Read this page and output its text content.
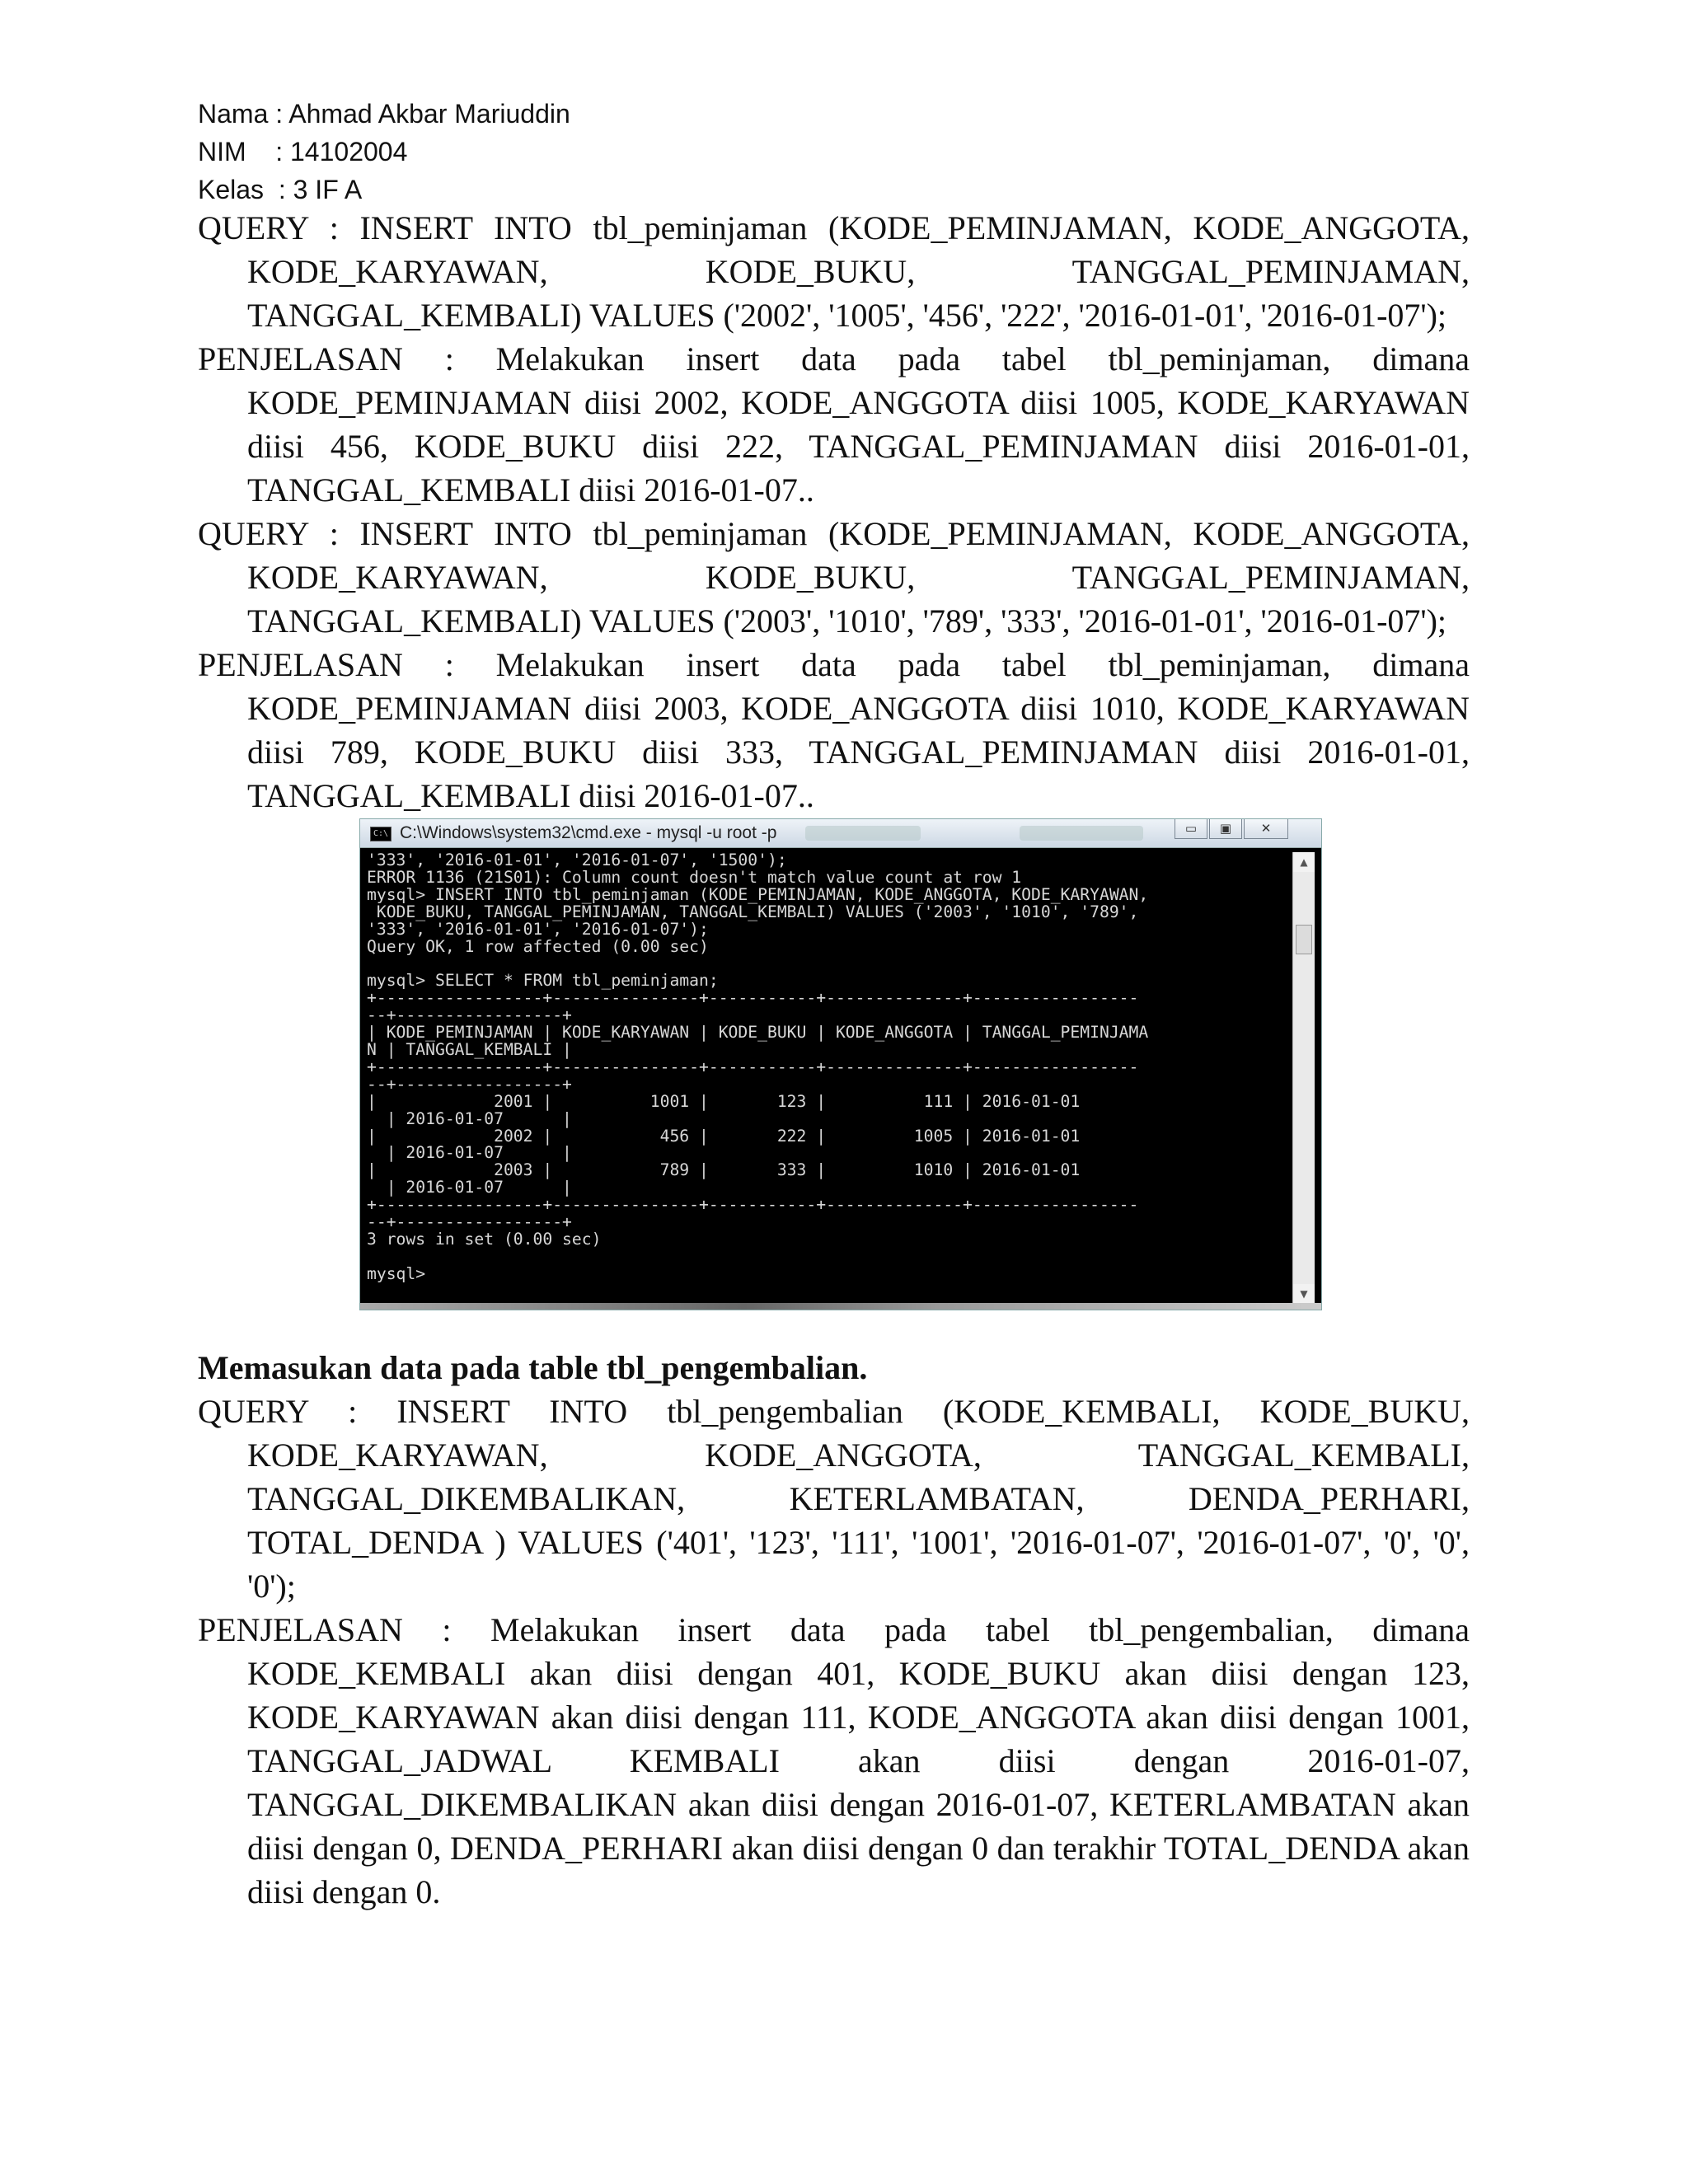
Nama : Ahmad Akbar Mariuddin
NIM    : 14102004
Kelas  : 3 IF A
QUERY : INSERT INTO tbl_peminjaman (KODE_PEMINJAMAN, KODE_ANGGOTA,
KODE_KARYAWAN, KODE_BUKU, TANGGAL_PEMINJAMAN,
TANGGAL_KEMBALI) VALUES ('2002', '1005', '456', '222', '2016-01-01', '2016-01-07');
PENJELASAN : Melakukan insert data pada tabel tbl_peminjaman, dimana
KODE_PEMINJAMAN diisi 2002, KODE_ANGGOTA diisi 1005, KODE_KARYAWAN
diisi 456, KODE_BUKU diisi 222, TANGGAL_PEMINJAMAN diisi 2016-01-01,
TANGGAL_KEMBALI diisi 2016-01-07..
QUERY : INSERT INTO tbl_peminjaman (KODE_PEMINJAMAN, KODE_ANGGOTA,
KODE_KARYAWAN, KODE_BUKU, TANGGAL_PEMINJAMAN,
TANGGAL_KEMBALI) VALUES ('2003', '1010', '789', '333', '2016-01-01', '2016-01-07');
PENJELASAN : Melakukan insert data pada tabel tbl_peminjaman, dimana
KODE_PEMINJAMAN diisi 2003, KODE_ANGGOTA diisi 1010, KODE_KARYAWAN
diisi 789, KODE_BUKU diisi 333, TANGGAL_PEMINJAMAN diisi 2016-01-01,
TANGGAL_KEMBALI diisi 2016-01-07..
C:\ C:\Windows\system32\cmd.exe - mysql -u root -p	▭	▣	✕
'333', '2016-01-01', '2016-01-07', '1500');
ERROR 1136 (21S01): Column count doesn't match value count at row 1
mysql> INSERT INTO tbl_peminjaman (KODE_PEMINJAMAN, KODE_ANGGOTA, KODE_KARYAWAN,
KODE_BUKU, TANGGAL_PEMINJAMAN, TANGGAL_KEMBALI) VALUES ('2003', '1010', '789',
'333', '2016-01-01', '2016-01-07');
Query OK, 1 row affected (0.00 sec)

mysql> SELECT * FROM tbl_peminjaman;
+-----------------+---------------+-----------+--------------+-----------------
--+-----------------+
| KODE_PEMINJAMAN | KODE_KARYAWAN | KODE_BUKU | KODE_ANGGOTA | TANGGAL_PEMINJAMA
N | TANGGAL_KEMBALI |
+-----------------+---------------+-----------+--------------+-----------------
--+-----------------+
|            2001 |          1001 |       123 |          111 | 2016-01-01
| 2016-01-07      |
|            2002 |           456 |       222 |         1005 | 2016-01-01
| 2016-01-07      |
|            2003 |           789 |       333 |         1010 | 2016-01-01
| 2016-01-07      |
+-----------------+---------------+-----------+--------------+-----------------
--+-----------------+
3 rows in set (0.00 sec)

mysql>
▲
▼
Memasukan data pada table tbl_pengembalian.
QUERY : INSERT INTO tbl_pengembalian (KODE_KEMBALI, KODE_BUKU,
KODE_KARYAWAN, KODE_ANGGOTA, TANGGAL_KEMBALI,
TANGGAL_DIKEMBALIKAN, KETERLAMBATAN, DENDA_PERHARI,
TOTAL_DENDA ) VALUES ('401', '123', '111', '1001', '2016-01-07', '2016-01-07', '0', '0',
'0');
PENJELASAN : Melakukan insert data pada tabel tbl_pengembalian, dimana
KODE_KEMBALI akan diisi dengan 401, KODE_BUKU akan diisi dengan 123,
KODE_KARYAWAN akan diisi dengan 111, KODE_ANGGOTA akan diisi dengan 1001,
TANGGAL_JADWAL KEMBALI akan diisi dengan 2016-01-07,
TANGGAL_DIKEMBALIKAN akan diisi dengan 2016-01-07, KETERLAMBATAN akan
diisi dengan 0, DENDA_PERHARI akan diisi dengan 0 dan terakhir TOTAL_DENDA akan
diisi dengan 0.
